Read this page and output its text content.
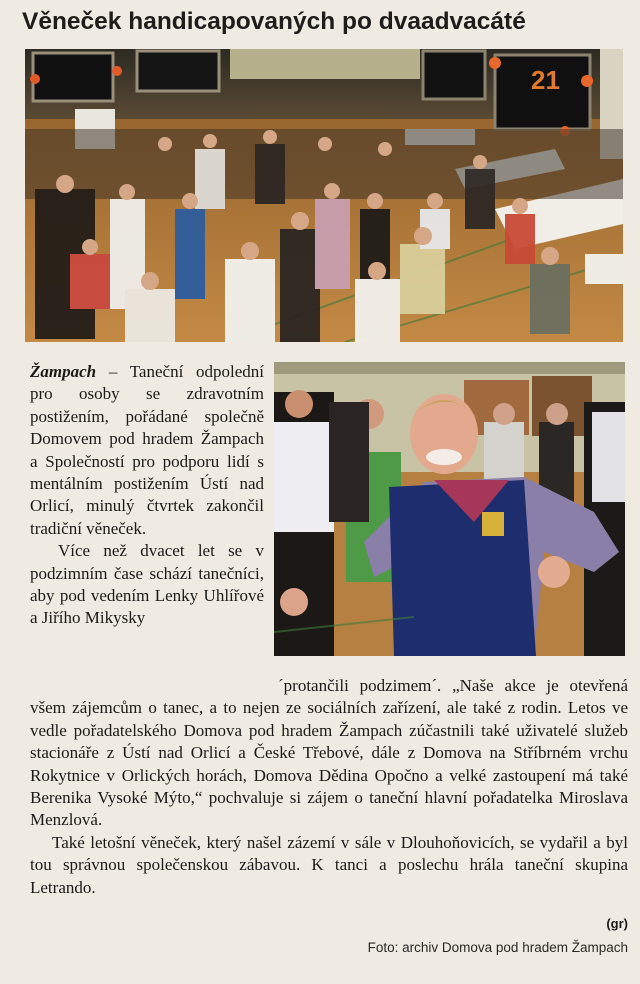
Věneček handicapovaných po dvaadvacáté
21

Žampach – Taneční odpolední pro osoby se zdravotním postižením, pořádané společně Domovem pod hradem Žampach a Společností pro podporu lidí s mentálním postižením Ústí nad Orlicí, minulý čtvrtek zakončil tradiční věneček.

Více než dvacet let se v podzimním čase schází tanečníci, aby pod vedením Lenky Uhlířové a Jiřího Mikysky

´protančili podzimem´. „Naše akce je otevřená všem zájemcům o tanec, a to nejen ze sociálních zařízení, ale také z rodin. Letos ve vedle pořadatelského Domova pod hradem Žampach zúčastnili také uživatelé služeb stacionáře z Ústí nad Orlicí a České Třebové, dále z Domova na Stříbrném vrchu Rokytnice v Orlických horách, Domova Dědina Opočno a velké zastoupení má také Berenika Vysoké Mýto,“ pochvaluje si zájem o taneční hlavní pořadatelka Miroslava Menzlová.

Také letošní věneček, který našel zázemí v sále v Dlouhoňovicích, se vydařil a byl tou správnou společenskou zábavou. K tanci a poslechu hrála taneční skupina Letrando.

(gr)
Foto: archiv Domova pod hradem Žampach
